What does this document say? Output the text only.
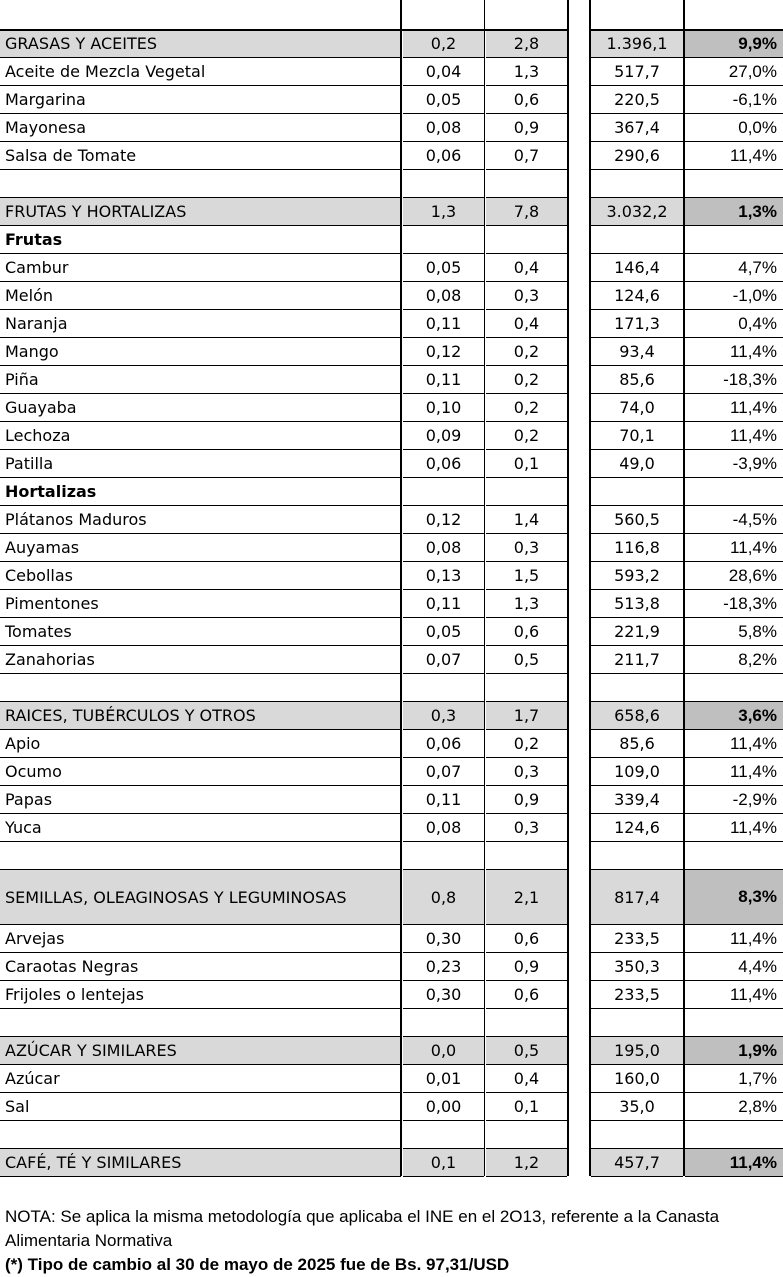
GRASAS Y ACEITES	0,2	2,8	1.396,1	9,9%
Aceite de Mezcla Vegetal	0,04	1,3	517,7	27,0%
Margarina	0,05	0,6	220,5	-6,1%
Mayonesa	0,08	0,9	367,4	0,0%
Salsa de Tomate	0,06	0,7	290,6	11,4%
FRUTAS Y HORTALIZAS	1,3	7,8	3.032,2	1,3%
Frutas
Cambur	0,05	0,4	146,4	4,7%
Melón	0,08	0,3	124,6	-1,0%
Naranja	0,11	0,4	171,3	0,4%
Mango	0,12	0,2	93,4	11,4%
Piña	0,11	0,2	85,6	-18,3%
Guayaba	0,10	0,2	74,0	11,4%
Lechoza	0,09	0,2	70,1	11,4%
Patilla	0,06	0,1	49,0	-3,9%
Hortalizas
Plátanos Maduros	0,12	1,4	560,5	-4,5%
Auyamas	0,08	0,3	116,8	11,4%
Cebollas	0,13	1,5	593,2	28,6%
Pimentones	0,11	1,3	513,8	-18,3%
Tomates	0,05	0,6	221,9	5,8%
Zanahorias	0,07	0,5	211,7	8,2%
RAICES, TUBÉRCULOS Y OTROS	0,3	1,7	658,6	3,6%
Apio	0,06	0,2	85,6	11,4%
Ocumo	0,07	0,3	109,0	11,4%
Papas	0,11	0,9	339,4	-2,9%
Yuca	0,08	0,3	124,6	11,4%
SEMILLAS, OLEAGINOSAS Y LEGUMINOSAS	0,8	2,1	817,4	8,3%
Arvejas	0,30	0,6	233,5	11,4%
Caraotas Negras	0,23	0,9	350,3	4,4%
Frijoles o lentejas	0,30	0,6	233,5	11,4%
AZÚCAR Y SIMILARES	0,0	0,5	195,0	1,9%
Azúcar	0,01	0,4	160,0	1,7%
Sal	0,00	0,1	35,0	2,8%
CAFÉ, TÉ Y SIMILARES	0,1	1,2	457,7	11,4%
NOTA: Se aplica la misma metodología que aplicaba el INE en el 2O13, referente a la Canasta Alimentaria Normativa
(*) Tipo de cambio al 30 de mayo de 2025 fue de Bs. 97,31/USD
